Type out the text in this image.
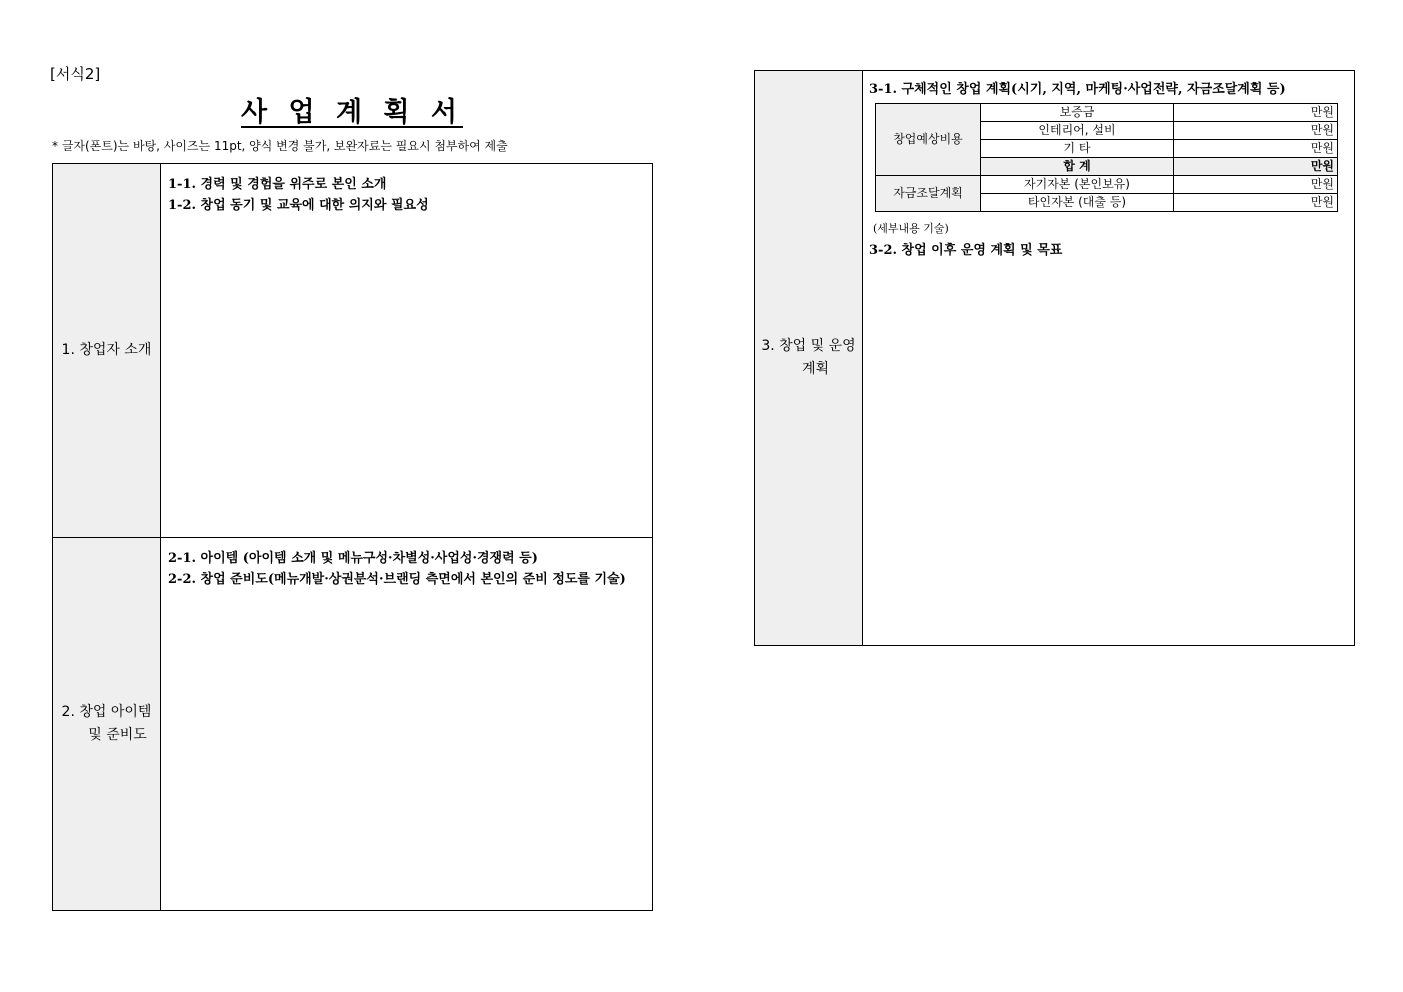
[서식2]
사 업 계 획 서
* 글자(폰트)는 바탕, 사이즈는 11pt, 양식 변경 불가, 보완자료는 필요시 첨부하여 제출
1. 창업자 소개
1-1. 경력 및 경험을 위주로 본인 소개
1-2. 창업 동기 및 교육에 대한 의지와 필요성
2. 창업 아이템
및 준비도
2-1. 아이템 (아이템 소개 및 메뉴구성·차별성·사업성·경쟁력 등)
2-2. 창업 준비도(메뉴개발·상권분석·브랜딩 측면에서 본인의 준비 정도를 기술)
3. 창업 및 운영
계획
3-1. 구체적인 창업 계획(시기, 지역, 마케팅·사업전략, 자금조달계획 등)
창업예상비용	보증금	만원
	인테리어, 설비	만원
	기 타	만원
	합 계	만원
자금조달계획	자기자본 (본인보유)	만원
	타인자본 (대출 등)	만원
(세부내용 기술)
3-2. 창업 이후 운영 계획 및 목표
